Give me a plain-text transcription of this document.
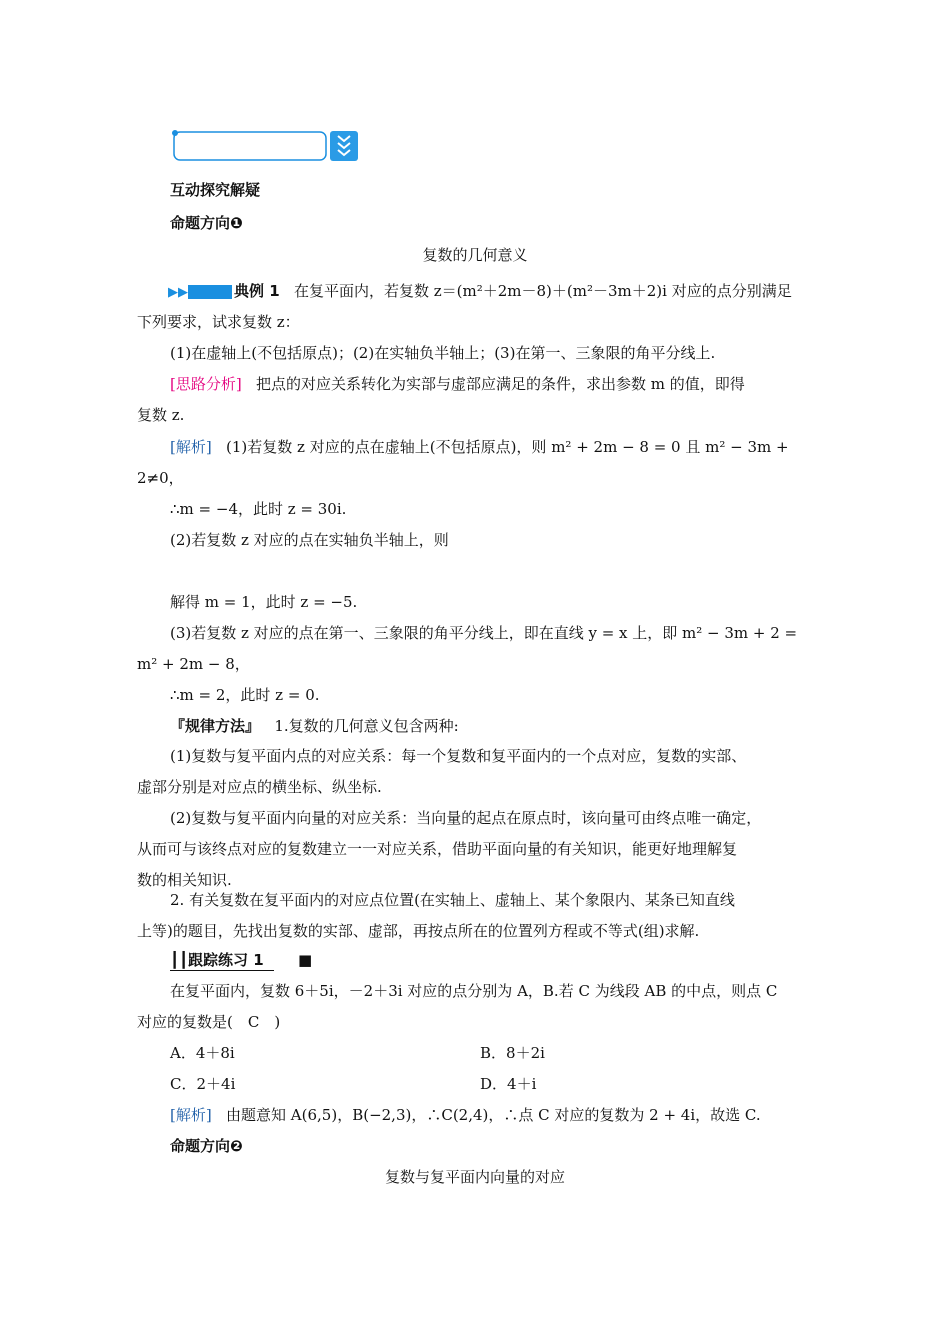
互动探究解疑
命题方向❶
复数的几何意义
▶▶	典例 1 在复平面内，若复数 z＝(m²＋2m－8)＋(m²－3m＋2)i 对应的点分别满足
下列要求，试求复数 z：
(1)在虚轴上(不包括原点)；(2)在实轴负半轴上；(3)在第一、三象限的角平分线上.
[思路分析] 把点的对应关系转化为实部与虚部应满足的条件，求出参数 m 的值，即得
复数 z.
[解析] (1)若复数 z 对应的点在虚轴上(不包括原点)，则 m² + 2m − 8 = 0 且 m² − 3m +
2≠0，
∴m = −4，此时 z = 30i.
(2)若复数 z 对应的点在实轴负半轴上，则
解得 m = 1，此时 z = −5.
(3)若复数 z 对应的点在第一、三象限的角平分线上，即在直线 y = x 上，即 m² − 3m + 2 =
m² + 2m − 8，
∴m = 2，此时 z = 0.
『规律方法』 1.复数的几何意义包含两种:
(1)复数与复平面内点的对应关系：每一个复数和复平面内的一个点对应，复数的实部、
虚部分别是对应点的横坐标、纵坐标.
(2)复数与复平面内向量的对应关系：当向量的起点在原点时，该向量可由终点唯一确定，
从而可与该终点对应的复数建立一一对应关系，借助平面向量的有关知识，能更好地理解复
数的相关知识.
2. 有关复数在复平面内的对应点位置(在实轴上、虚轴上、某个象限内、某条已知直线
上等)的题目，先找出复数的实部、虚部，再按点所在的位置列方程或不等式(组)求解.
┃┃跟踪练习 1	■
在复平面内，复数 6＋5i，－2＋3i 对应的点分别为 A，B.若 C 为线段 AB 的中点，则点 C
对应的复数是(　C　)
A．4＋8i	B．8＋2i
C．2＋4i	D．4＋i
[解析] 由题意知 A(6,5)，B(−2,3)，∴C(2,4)，∴点 C 对应的复数为 2 + 4i，故选 C.
命题方向❷
复数与复平面内向量的对应
